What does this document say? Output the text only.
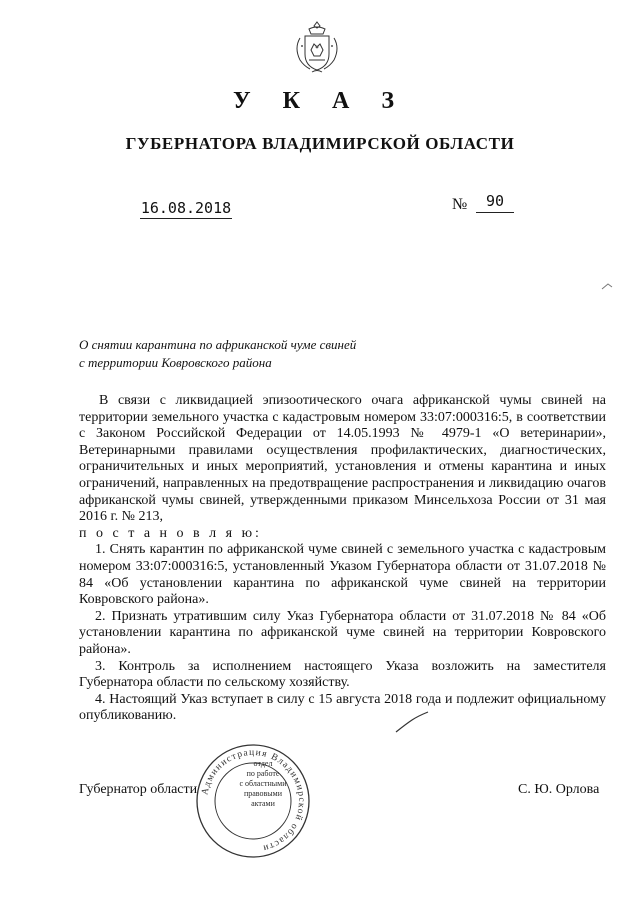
У К А З
ГУБЕРНАТОРА ВЛАДИМИРСКОЙ ОБЛАСТИ
16.08.2018	№	90
О снятии карантина по африканской чуме свиней
с территории Ковровского района

В связи с ликвидацией эпизоотического очага африканской чумы свиней на территории земельного участка с кадастровым номером 33:07:000316:5, в соответствии с Законом Российской Федерации от 14.05.1993 № 4979-1 «О ветеринарии», Ветеринарными правилами осуществления профилактических, диагностических, ограничительных и иных мероприятий, установления и отмены карантина и иных ограничений, направленных на предотвращение распространения и ликвидацию очагов африканской чумы свиней, утвержденными приказом Минсельхоза России от 31 мая 2016 г. № 213,

п о с т а н о в л я ю:

1. Снять карантин по африканской чуме свиней с земельного участка с кадастровым номером 33:07:000316:5, установленный Указом Губернатора области от 31.07.2018 № 84 «Об установлении карантина по африканской чуме свиней на территории Ковровского района».

2. Признать утратившим силу Указ Губернатора области от 31.07.2018 № 84 «Об установлении карантина по африканской чуме свиней на территории Ковровского района».

3. Контроль за исполнением настоящего Указа возложить на заместителя Губернатора области по сельскому хозяйству.

4. Настоящий Указ вступает в силу с 15 августа 2018 года и подлежит официальному опубликованию.

Губернатор области	С. Ю. Орлова
Администрация Владимирской области
отдел
по работе
с областными
правовыми
актами
